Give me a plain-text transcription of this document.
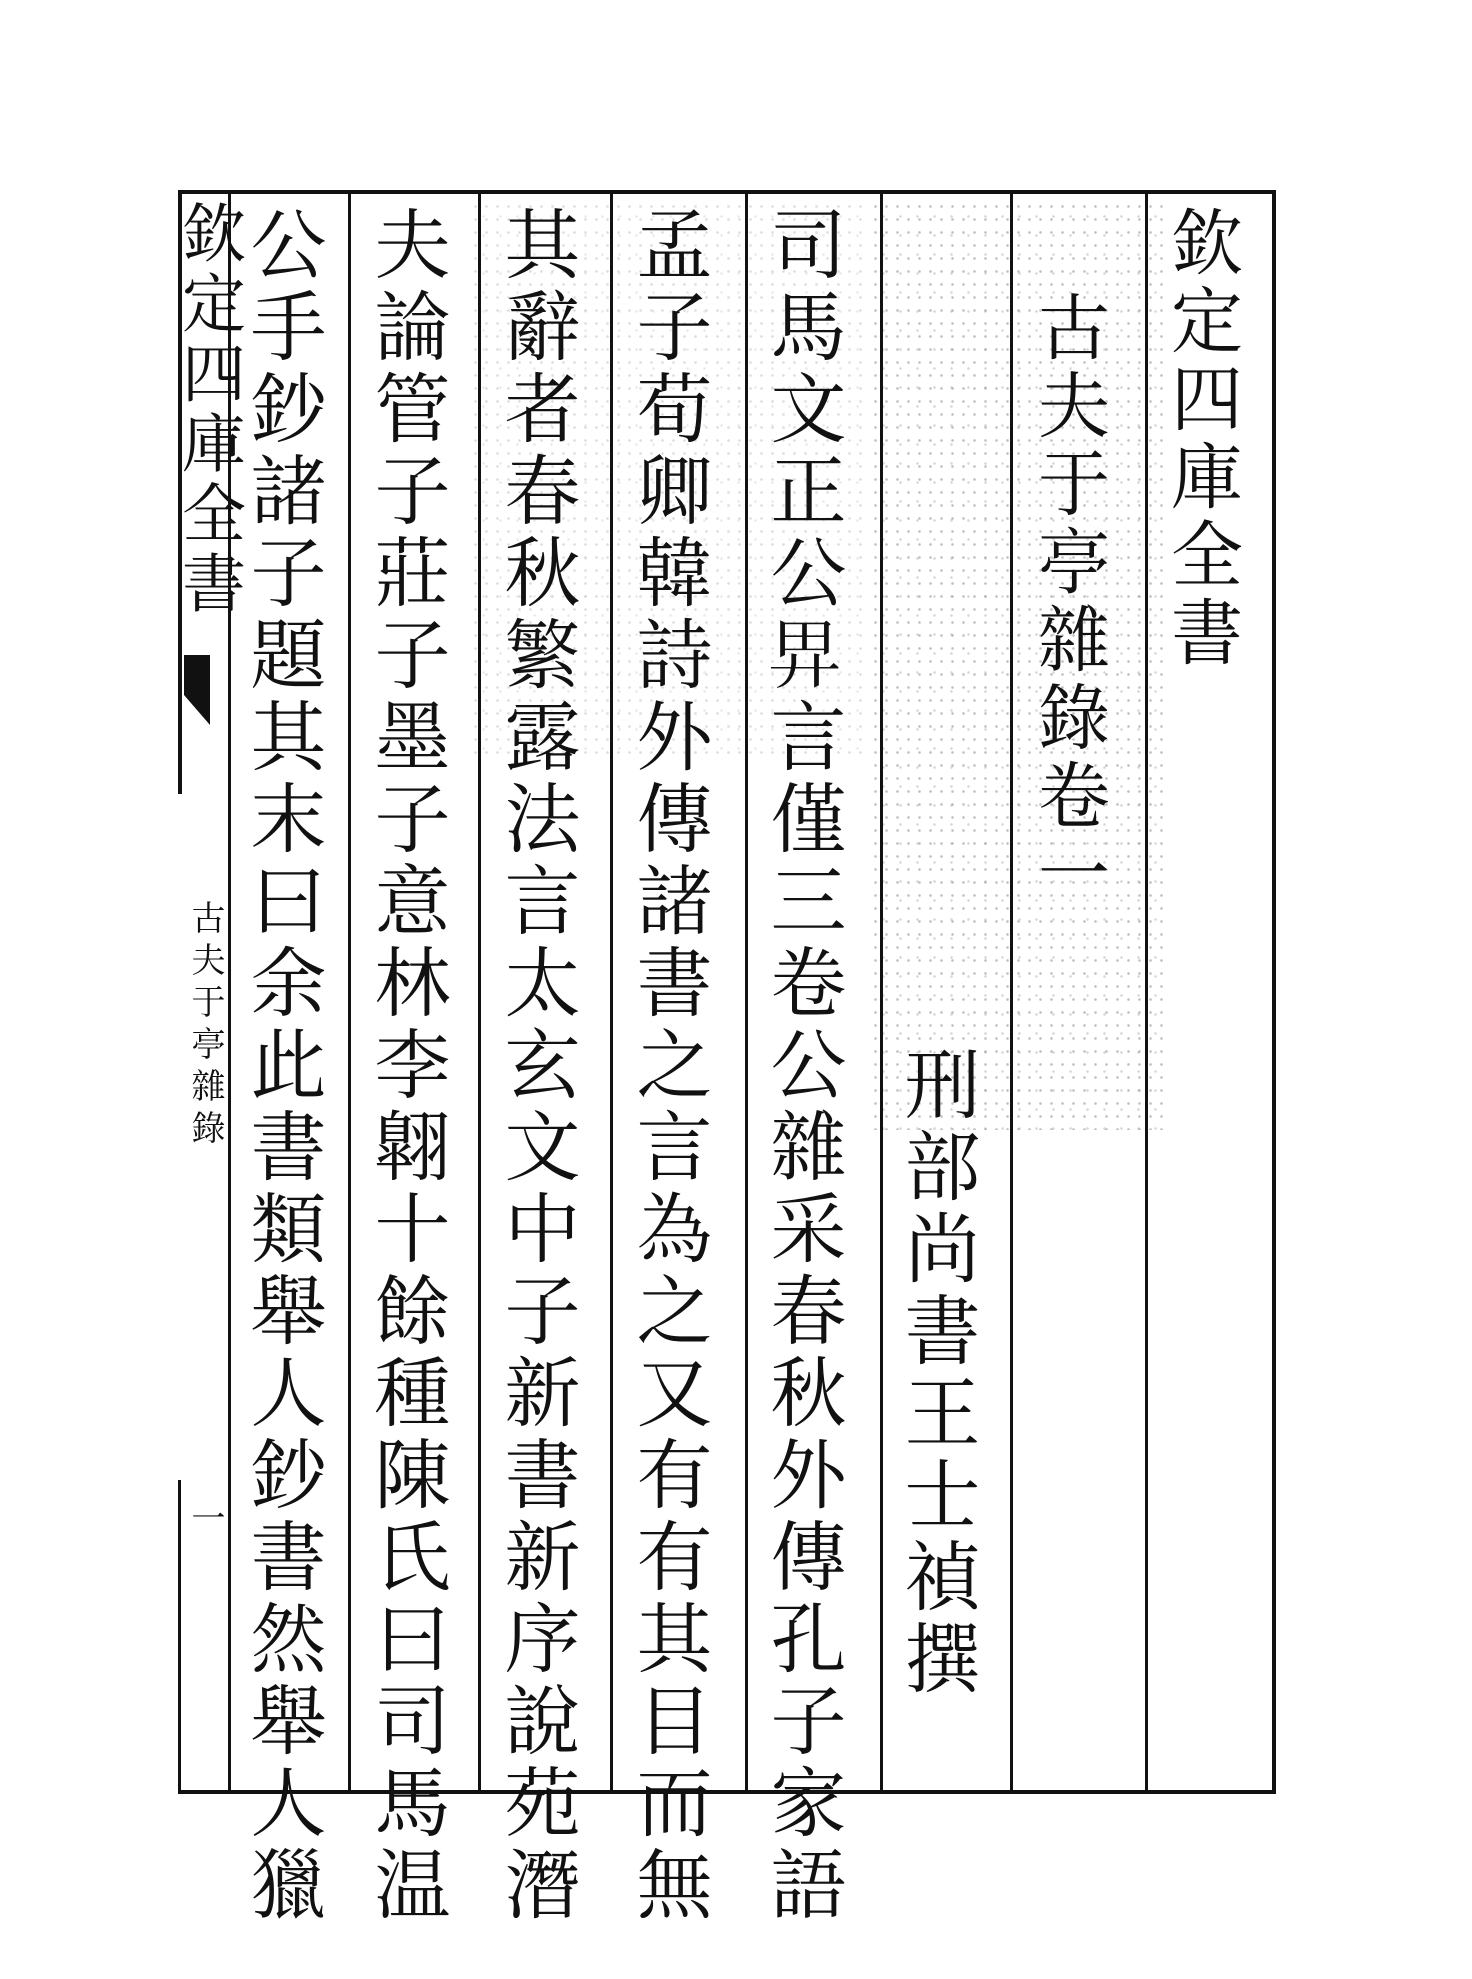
欽定四庫全書
古夫于亭雜錄
一
欽定四庫全書
古夫于亭雜錄卷一
刑部尚書王士禎撰
司馬文正公𢌿言僅三卷公雜采春秋外傳孔子家語
孟子荀卿韓詩外傳諸書之言為之又有有其目而無
其辭者春秋繁露法言太玄文中子新書新序說苑潛
夫論管子莊子墨子意林李翺十餘種陳氏曰司馬温
公手鈔諸子題其末曰余此書類舉人鈔書然舉人獵
